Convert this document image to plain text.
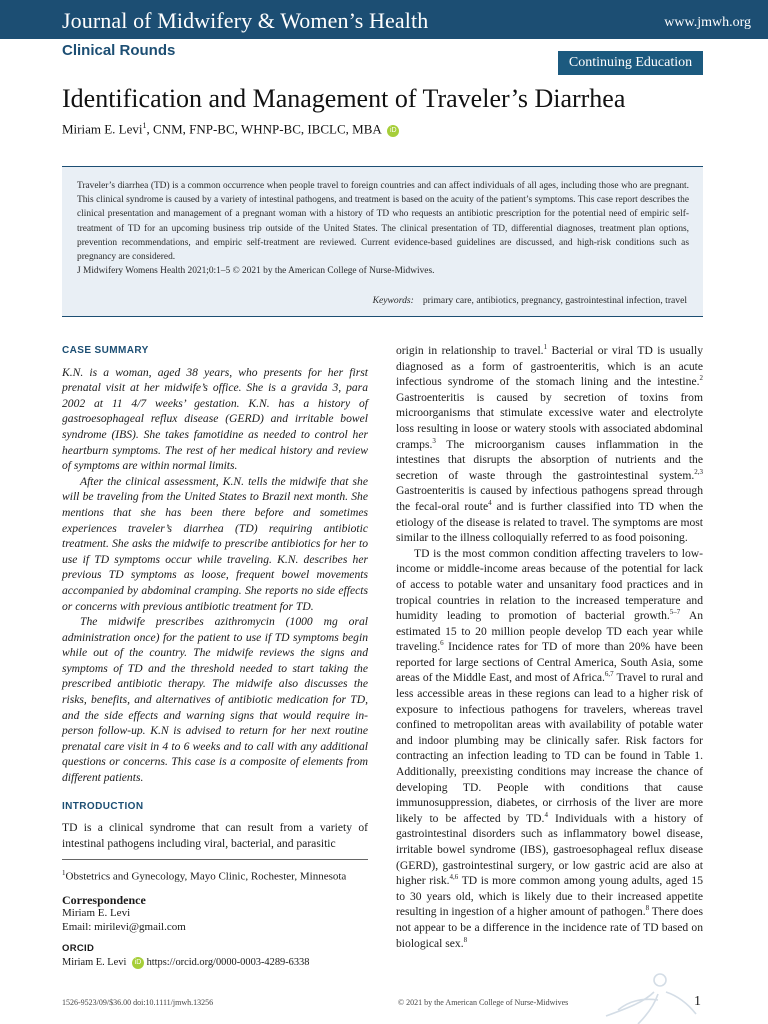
Journal of Midwifery & Women’s Health	www.jmwh.org
Clinical Rounds
Continuing Education
Identification and Management of Traveler’s Diarrhea
Miriam E. Levi$^1$, CNM, FNP-BC, WHNP-BC, IBCLC, MBA iD
Traveler’s diarrhea (TD) is a common occurrence when people travel to foreign countries and can affect individuals of all ages, including those who are pregnant. This clinical syndrome is caused by a variety of intestinal pathogens, and treatment is based on the acuity of the patient’s symptoms. This case report describes the clinical presentation and management of a pregnant woman with a history of TD who requests an antibiotic prescription for the potential need of empiric self-treatment of TD for an upcoming business trip outside of the United States. The clinical presentation of TD, differential diagnoses, treatment plan options, prevention recommendations, and empiric self-treatment are reviewed. Current evidence-based guidelines are discussed, and high-risk conditions such as pregnancy are considered.
J Midwifery Womens Health 2021;0:1–5 © 2021 by the American College of Nurse-Midwives.
Keywords: primary care, antibiotics, pregnancy, gastrointestinal infection, travel
CASE SUMMARY

K.N. is a woman, aged 38 years, who presents for her first prenatal visit at her midwife’s office. She is a gravida 3, para 2002 at 11 4/7 weeks’ gestation. K.N. has a history of gastroesophageal reflux disease (GERD) and irritable bowel syndrome (IBS). She takes famotidine as needed to control her heartburn symptoms. The rest of her medical history and review of symptoms are within normal limits.

After the clinical assessment, K.N. tells the midwife that she will be traveling from the United States to Brazil next month. She mentions that she has been there before and sometimes experiences traveler’s diarrhea (TD) requiring antibiotic treatment. She asks the midwife to prescribe antibiotics for her to use if TD symptoms occur while traveling. K.N. describes her previous TD symptoms as loose, frequent bowel movements accompanied by abdominal cramping. She reports no side effects or concerns with previous antibiotic treatment for TD.

The midwife prescribes azithromycin (1000 mg oral administration once) for the patient to use if TD symptoms begin while out of the country. The midwife reviews the signs and symptoms of TD and the threshold needed to start taking the prescribed antibiotic therapy. The midwife also discusses the risks, benefits, and alternatives of antibiotic medication for TD, and the side effects and warning signs that would require in-person follow-up. K.N is advised to return for her next routine prenatal care visit in 4 to 6 weeks and to call with any additional questions or concerns. This case is a composite of elements from different patients.

INTRODUCTION

TD is a clinical syndrome that can result from a variety of intestinal pathogens including viral, bacterial, and parasitic

origin in relationship to travel.$^1$ Bacterial or viral TD is usually diagnosed as a form of gastroenteritis, which is an acute infectious syndrome of the stomach lining and the intestine.$^2$ Gastroenteritis is caused by secretion of toxins from microorganisms that stimulate excessive water and electrolyte loss resulting in loose or watery stools with associated abdominal cramps.$^3$ The microorganism causes inflammation in the intestines that disrupts the absorption of nutrients and the secretion of waste through the gastrointestinal system.$^{2,3}$ Gastroenteritis is caused by infectious pathogens spread through the fecal-oral route$^4$ and is further classified into TD when the etiology of the disease is related to travel. The symptoms are most similar to the illness colloquially referred to as food poisoning.

TD is the most common condition affecting travelers to low-income or middle-income areas because of the potential for lack of access to potable water and unsanitary food practices and in tropical countries in relation to the increased temperature and humidity leading to promotion of bacterial growth.$^{5-7}$ An estimated 15 to 20 million people develop TD each year while traveling.$^6$ Incidence rates for TD of more than 20% have been reported for large sections of Central America, South Asia, some areas of the Middle East, and most of Africa.$^{6,7}$ Travel to rural and less accessible areas in these regions can lead to a higher risk of exposure to infectious pathogens for travelers, whereas travel confined to metropolitan areas with availability of potable water and indoor plumbing may be clinically safer. Risk factors for contracting an infection leading to TD can be found in Table 1. Additionally, preexisting conditions may increase the chance of developing TD. People with conditions that cause immunosuppression, diabetes, or cirrhosis of the liver are more likely to be affected by TD.$^4$ Individuals with a history of gastrointestinal disorders such as inflammatory bowel disease, irritable bowel syndrome (IBS), gastroesophageal reflux disease (GERD), gastrointestinal surgery, or low gastric acid are also at higher risk.$^{4,6}$ TD is more common among young adults, aged 15 to 30 years old, which is likely due to their increased appetite resulting in ingestion of a higher amount of pathogen.$^8$ There does not appear to be a difference in the incidence rate of TD based on biological sex.$^8$

$^1$Obstetrics and Gynecology, Mayo Clinic, Rochester, Minnesota
Correspondence
Miriam E. Levi
Email: mirilevi@gmail.com
ORCID
Miriam E. Levi iD https://orcid.org/0000-0003-4289-6338
1526-9523/09/$36.00 doi:10.1111/jmwh.13256	© 2021 by the American College of Nurse-Midwives	1
